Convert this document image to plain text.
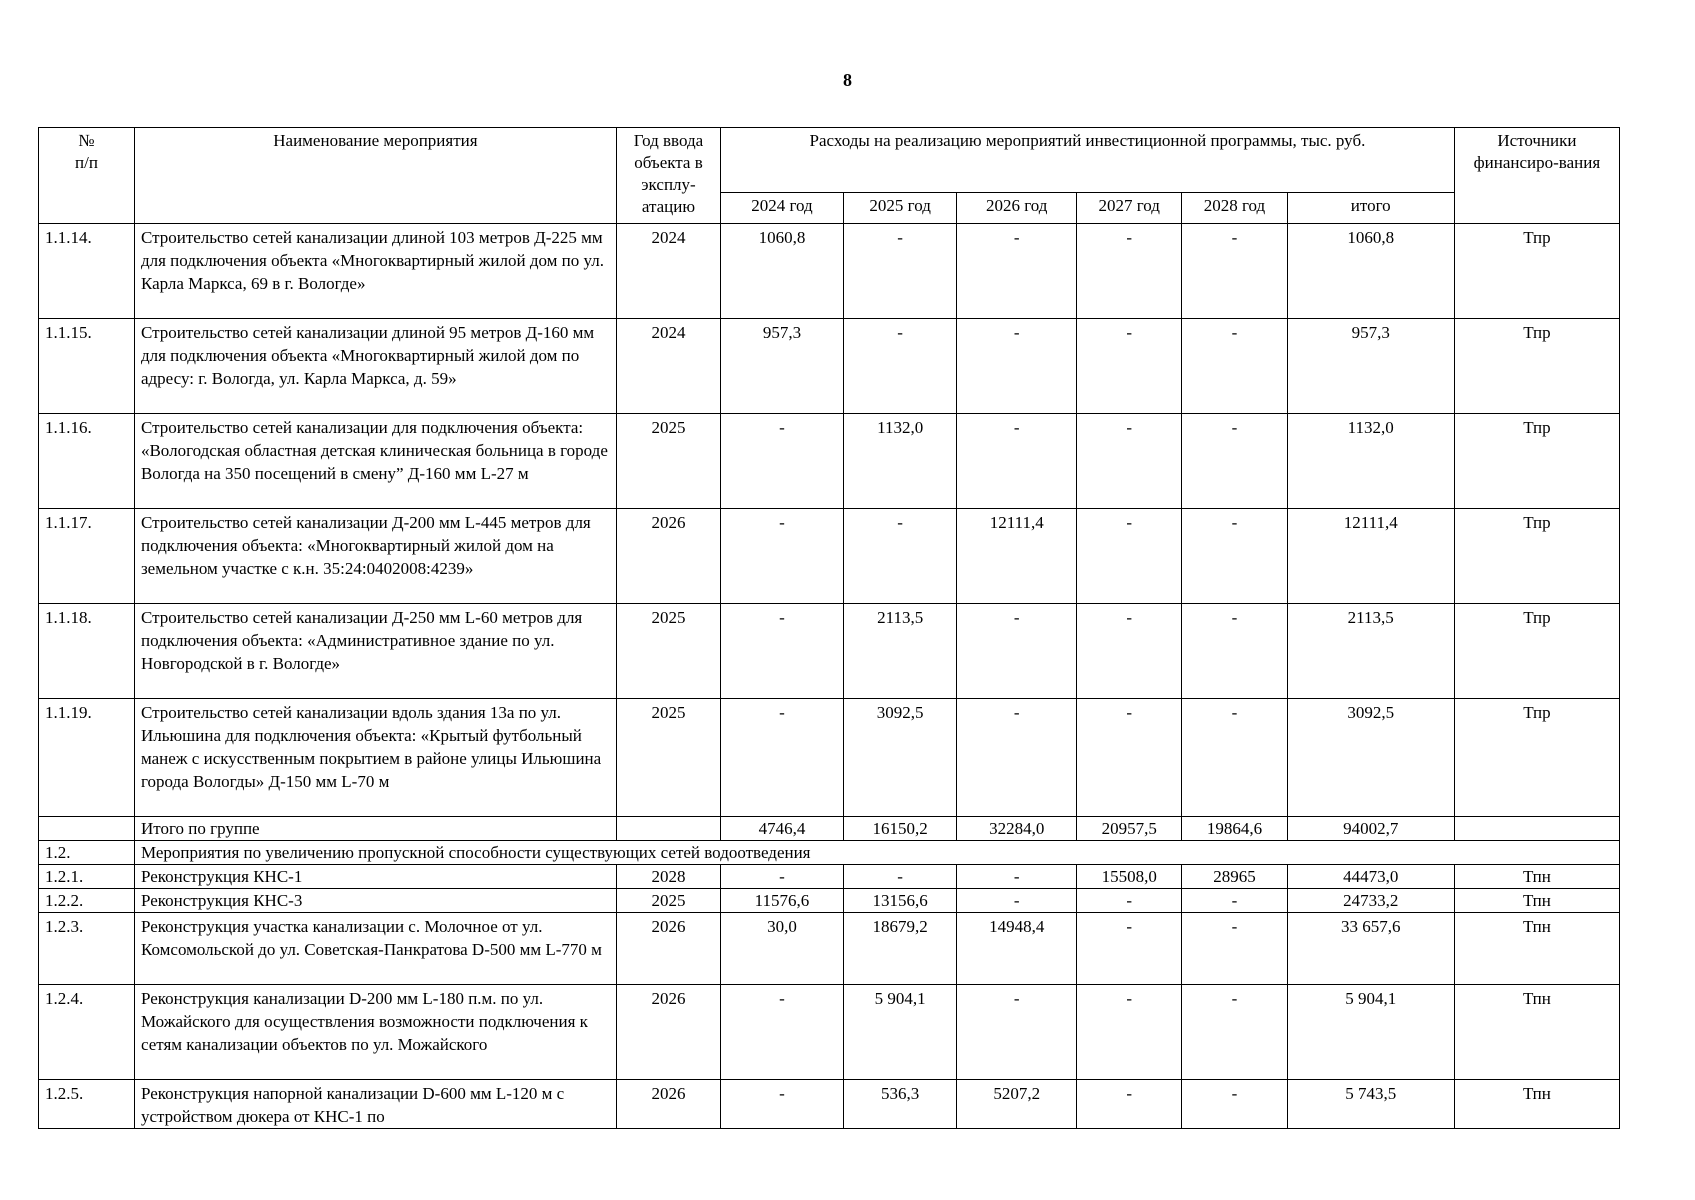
8
№
п/п	Наименование мероприятия	Год ввода объекта в эксплу-атацию	Расходы на реализацию мероприятий инвестиционной программы, тыс. руб.						Источники финансиро-вания
			2024 год	2025 год	2026 год	2027 год	2028 год	итого	
1.1.14.	Строительство сетей канализации длиной 103 метров Д-225 мм для подключения объекта «Многоквартирный жилой дом по ул. Карла Маркса, 69 в г. Вологде»	2024	1060,8	-	-	-	-	1060,8	Тпр
1.1.15.	Строительство сетей канализации длиной 95 метров Д-160 мм для подключения объекта «Многоквартирный жилой дом по адресу: г. Вологда, ул. Карла Маркса, д. 59»	2024	957,3	-	-	-	-	957,3	Тпр
1.1.16.	Строительство сетей канализации для подключения объекта: «Вологодская областная детская клиническая больница в городе Вологда на 350 посещений в смену” Д-160 мм L-27 м	2025	-	1132,0	-	-	-	1132,0	Тпр
1.1.17.	Строительство сетей канализации Д-200 мм L-445 метров для подключения объекта: «Многоквартирный жилой дом на земельном участке с к.н. 35:24:0402008:4239»	2026	-	-	12111,4	-	-	12111,4	Тпр
1.1.18.	Строительство сетей канализации Д-250 мм L-60 метров для подключения объекта: «Административное здание по ул. Новгородской в г. Вологде»	2025	-	2113,5	-	-	-	2113,5	Тпр
1.1.19.	Строительство сетей канализации вдоль здания 13а по ул. Ильюшина для подключения объекта: «Крытый футбольный манеж с искусственным покрытием в районе улицы Ильюшина города Вологды» Д-150 мм L-70 м	2025	-	3092,5	-	-	-	3092,5	Тпр
	Итого по группе		4746,4	16150,2	32284,0	20957,5	19864,6	94002,7	
1.2.	Мероприятия по увеличению пропускной способности существующих сетей водоотведения								
1.2.1.	Реконструкция КНС-1	2028	-	-	-	15508,0	28965	44473,0	Тпн
1.2.2.	Реконструкция КНС-3	2025	11576,6	13156,6	-	-	-	24733,2	Тпн
1.2.3.	Реконструкция участка канализации с. Молочное от ул. Комсомольской до ул. Советская-Панкратова D-500 мм L-770 м	2026	30,0	18679,2	14948,4	-	-	33 657,6	Тпн
1.2.4.	Реконструкция канализации D-200 мм L-180 п.м. по ул. Можайского для осуществления возможности подключения к сетям канализации объектов по ул. Можайского	2026	-	5 904,1	-	-	-	5 904,1	Тпн
1.2.5.	Реконструкция напорной канализации D-600 мм L-120 м с устройством дюкера от КНС-1 по	2026	-	536,3	5207,2	-	-	5 743,5	Тпн
